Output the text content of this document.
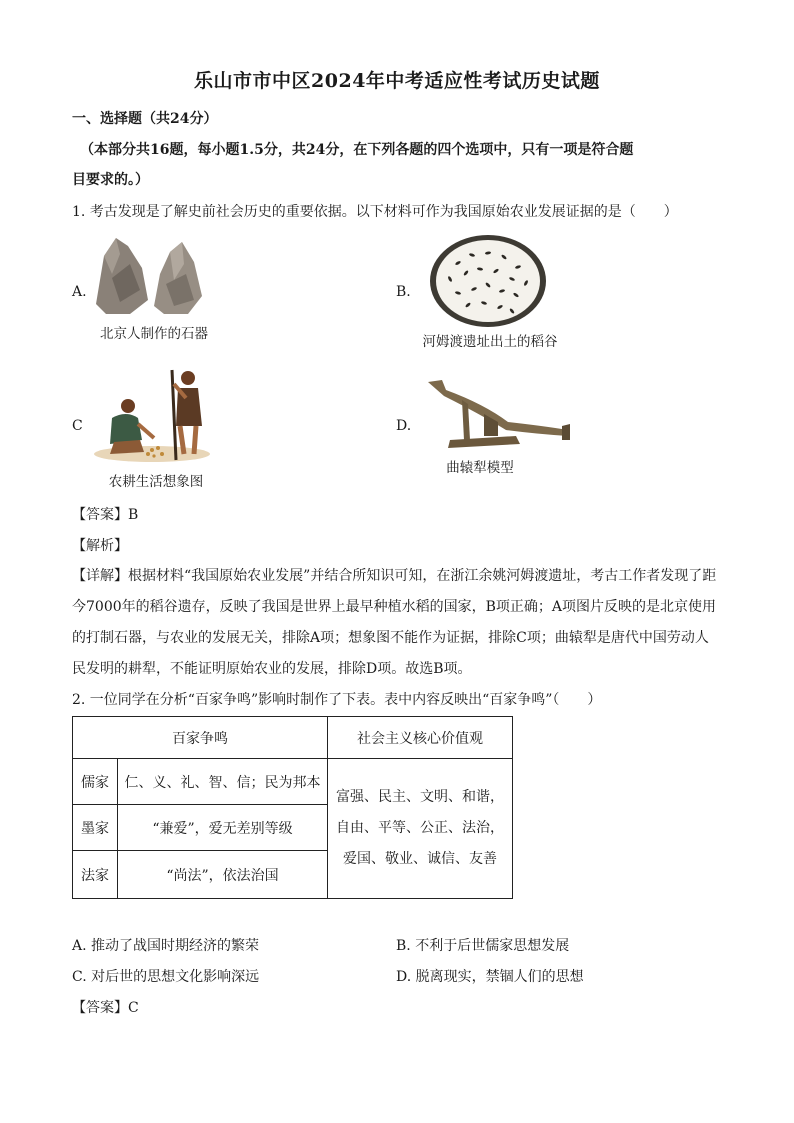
乐山市市中区2024年中考适应性考试历史试题
一、选择题（共24分）
（本部分共16题，每小题1.5分，共24分，在下列各题的四个选项中，只有一项是符合题
目要求的。）
1. 考古发现是了解史前社会历史的重要依据。以下材料可作为我国原始农业发展证据的是（　　）
A.
北京人制作的石器
B.
河姆渡遗址出土的稻谷
C
农耕生活想象图
D.
曲辕犁模型
【答案】B
【解析】
【详解】根据材料“我国原始农业发展”并结合所知识可知，在浙江余姚河姆渡遗址，考古工作者发现了距
今7000年的稻谷遗存，反映了我国是世界上最早种植水稻的国家，B项正确；A项图片反映的是北京使用
的打制石器，与农业的发展无关，排除A项；想象图不能作为证据，排除C项；曲辕犁是唐代中国劳动人
民发明的耕犁，不能证明原始农业的发展，排除D项。故选B项。
2. 一位同学在分析“百家争鸣”影响时制作了下表。表中内容反映出“百家争鸣”（　　）
百家争鸣		社会主义核心价值观
儒家	仁、义、礼、智、信；民为邦本	富强、民主、文明、和谐，
自由、平等、公正、法治，
爱国、敬业、诚信、友善

墨家	“兼爱”，爱无差别等级	
法家	“尚法”，依法治国	
A. 推动了战国时期经济的繁荣	B. 不利于后世儒家思想发展
C. 对后世的思想文化影响深远	D. 脱离现实，禁锢人们的思想
【答案】C
